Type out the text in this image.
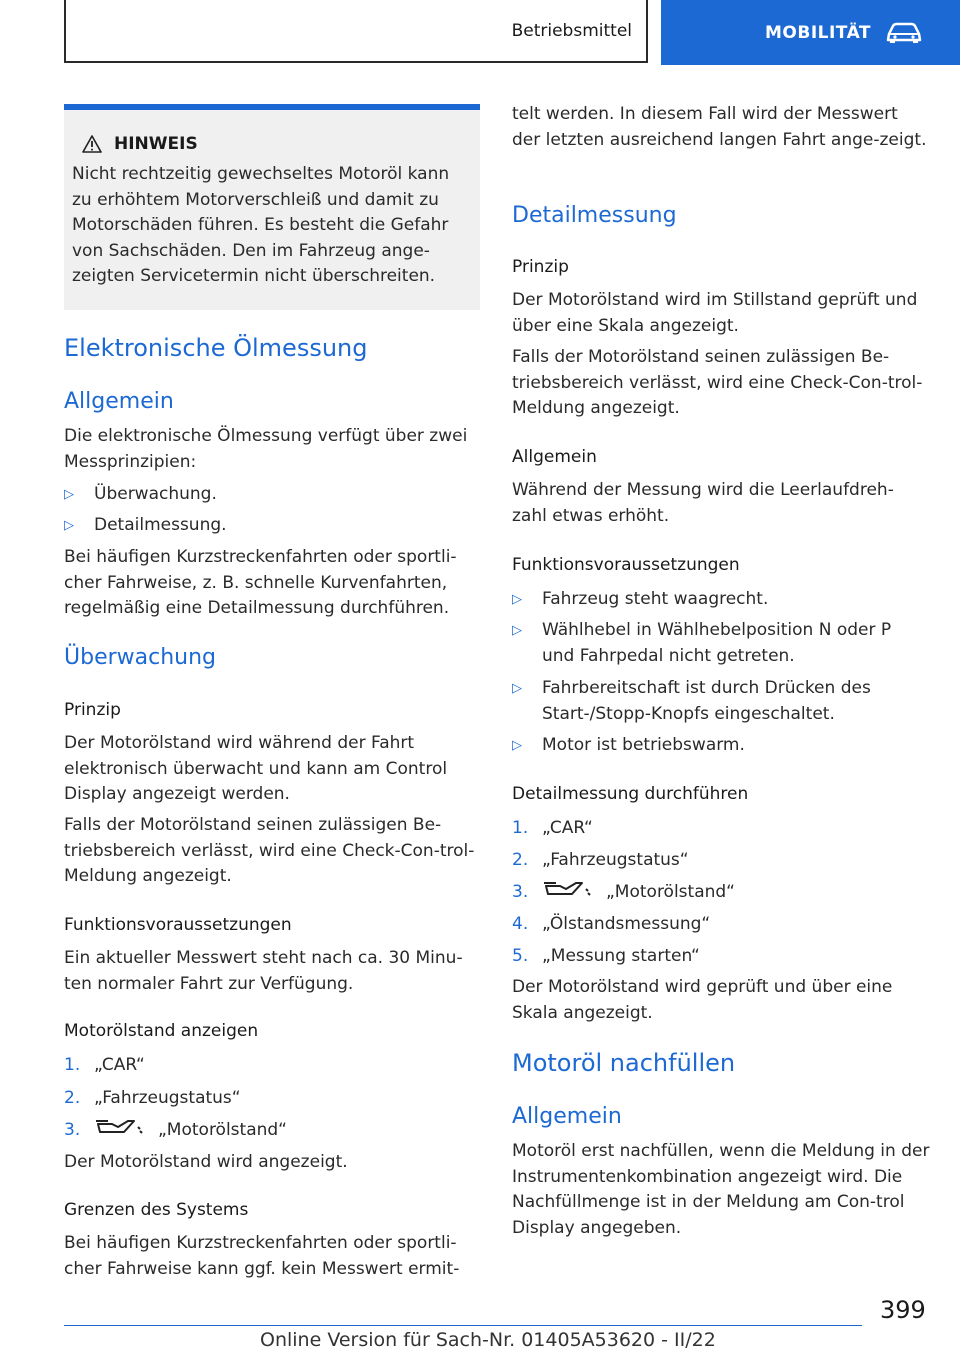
Betriebsmittel	MOBILITÄT
HINWEIS
Nicht rechtzeitig gewechseltes Motoröl kann zu erhöhtem Motorverschleiß und damit zu Motorschäden führen. Es besteht die Gefahr von Sachschäden. Den im Fahrzeug ange-zeigten Servicetermin nicht überschreiten.
Elektronische Ölmessung
Allgemein

Die elektronische Ölmessung verfügt über zwei Messprinzipien:

▷	Überwachung.
▷	Detailmessung.

Bei häufigen Kurzstreckenfahrten oder sportli-cher Fahrweise, z. B. schnelle Kurvenfahrten, regelmäßig eine Detailmessung durchführen.

Überwachung
Prinzip

Der Motorölstand wird während der Fahrt elektronisch überwacht und kann am Control Display angezeigt werden.

Falls der Motorölstand seinen zulässigen Be-triebsbereich verlässt, wird eine Check-Con-trol-Meldung angezeigt.

Funktionsvoraussetzungen

Ein aktueller Messwert steht nach ca. 30 Minu-ten normaler Fahrt zur Verfügung.

Motorölstand anzeigen
1. „CAR“
2. „Fahrzeugstatus“
3.	„Motorölstand“

Der Motorölstand wird angezeigt.

Grenzen des Systems

Bei häufigen Kurzstreckenfahrten oder sportli-cher Fahrweise kann ggf. kein Messwert ermit-

telt werden. In diesem Fall wird der Messwert der letzten ausreichend langen Fahrt ange-zeigt.

Detailmessung
Prinzip

Der Motorölstand wird im Stillstand geprüft und über eine Skala angezeigt.

Falls der Motorölstand seinen zulässigen Be-triebsbereich verlässt, wird eine Check-Con-trol-Meldung angezeigt.

Allgemein

Während der Messung wird die Leerlaufdreh-zahl etwas erhöht.

Funktionsvoraussetzungen
▷	Fahrzeug steht waagrecht.
▷	Wählhebel in Wählhebelposition N oder P und Fahrpedal nicht getreten.
▷	Fahrbereitschaft ist durch Drücken des Start-/Stopp-Knopfs eingeschaltet.
▷	Motor ist betriebswarm.
Detailmessung durchführen
1. „CAR“
2. „Fahrzeugstatus“
3.	„Motorölstand“
4. „Ölstandsmessung“
5. „Messung starten“

Der Motorölstand wird geprüft und über eine Skala angezeigt.

Motoröl nachfüllen
Allgemein

Motoröl erst nachfüllen, wenn die Meldung in der Instrumentenkombination angezeigt wird. Die Nachfüllmenge ist in der Meldung am Con-trol Display angegeben.

399
Online Version für Sach-Nr. 01405A53620 - II/22
